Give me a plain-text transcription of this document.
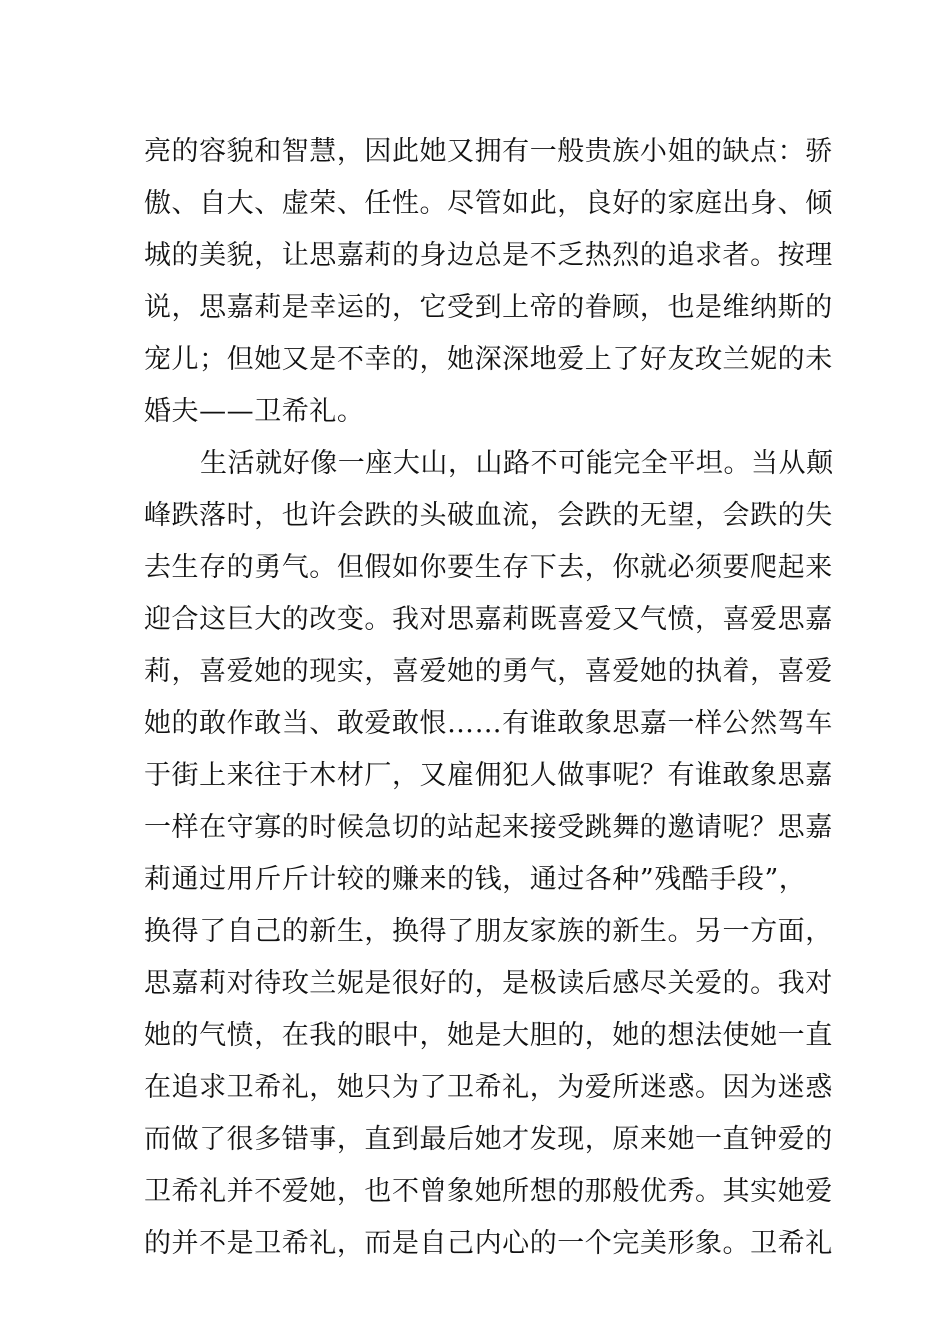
亮的容貌和智慧，因此她又拥有一般贵族小姐的缺点：骄
傲、自大、虚荣、任性。尽管如此，良好的家庭出身、倾
城的美貌，让思嘉莉的身边总是不乏热烈的追求者。按理
说，思嘉莉是幸运的，它受到上帝的眷顾，也是维纳斯的
宠儿；但她又是不幸的，她深深地爱上了好友玫兰妮的未
婚夫——卫希礼。
生活就好像一座大山，山路不可能完全平坦。当从颠
峰跌落时，也许会跌的头破血流，会跌的无望，会跌的失
去生存的勇气。但假如你要生存下去，你就必须要爬起来
迎合这巨大的改变。我对思嘉莉既喜爱又气愤，喜爱思嘉
莉，喜爱她的现实，喜爱她的勇气，喜爱她的执着，喜爱
她的敢作敢当、敢爱敢恨……有谁敢象思嘉一样公然驾车
于街上来往于木材厂，又雇佣犯人做事呢？有谁敢象思嘉
一样在守寡的时候急切的站起来接受跳舞的邀请呢？思嘉
莉通过用斤斤计较的赚来的钱，通过各种”残酷手段”，
换得了自己的新生，换得了朋友家族的新生。另一方面，
思嘉莉对待玫兰妮是很好的，是极读后感尽关爱的。我对
她的气愤，在我的眼中，她是大胆的，她的想法使她一直
在追求卫希礼，她只为了卫希礼，为爱所迷惑。因为迷惑
而做了很多错事，直到最后她才发现，原来她一直钟爱的
卫希礼并不爱她，也不曾象她所想的那般优秀。其实她爱
的并不是卫希礼，而是自己内心的一个完美形象。卫希礼
